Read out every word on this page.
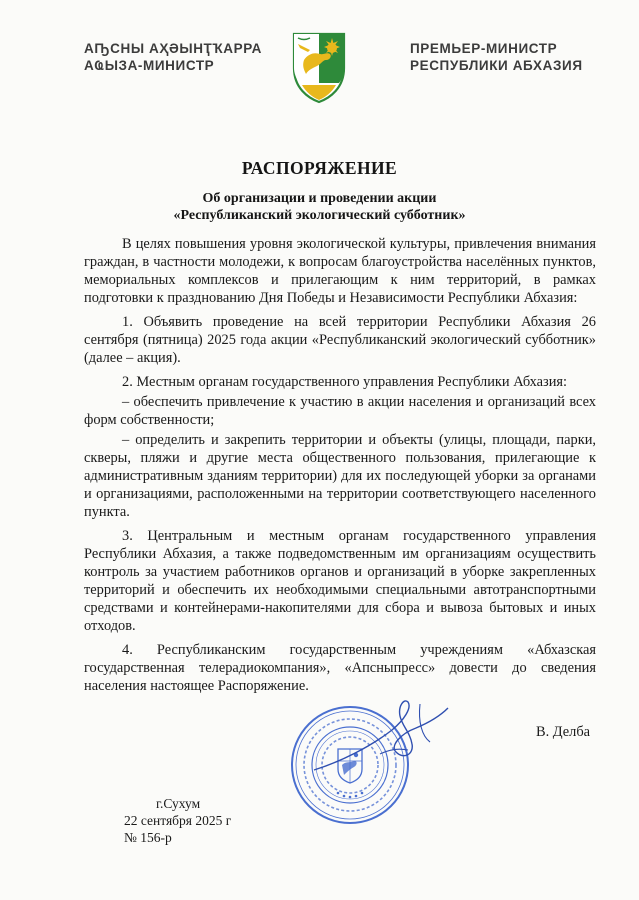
АҦСНЫ АҲӘЫНҬҠАРРА
АҨЫЗА-МИНИСТР
ПРЕМЬЕР-МИНИСТР
РЕСПУБЛИКИ АБХАЗИЯ
РАСПОРЯЖЕНИЕ
Об организации и проведении акции
«Республиканский экологический субботник»

В целях повышения уровня экологической культуры, привлечения внимания граждан, в частности молодежи, к вопросам благоустройства населённых пунктов, мемориальных комплексов и прилегающим к ним территорий, в рамках подготовки к празднованию Дня Победы и Независимости Республики Абхазия:

1. Объявить проведение на всей территории Республики Абхазия 26 сентября (пятница) 2025 года акции «Республиканский экологический субботник» (далее – акция).

2. Местным органам государственного управления Республики Абхазия:

– обеспечить привлечение к участию в акции населения и организаций всех форм собственности;

– определить и закрепить территории и объекты (улицы, площади, парки, скверы, пляжи и другие места общественного пользования, прилегающие к административным зданиям территории) для их последующей уборки за органами и организациями, расположенными на территории соответствующего населенного пункта.

3. Центральным и местным органам государственного управления Республики Абхазия, а также подведомственным им организациям осуществить контроль за участием работников органов и организаций в уборке закрепленных территорий и обеспечить их необходимыми специальными автотранспортными средствами и контейнерами-накопителями для сбора и вывоза бытовых и иных отходов.

4. Республиканским государственным учреждениям «Абхазская государственная телерадиокомпания», «Апсныпресс» довести до сведения населения настоящее Распоряжение.

В. Делба
г.Сухум
22 сентября 2025 г
№ 156-р
